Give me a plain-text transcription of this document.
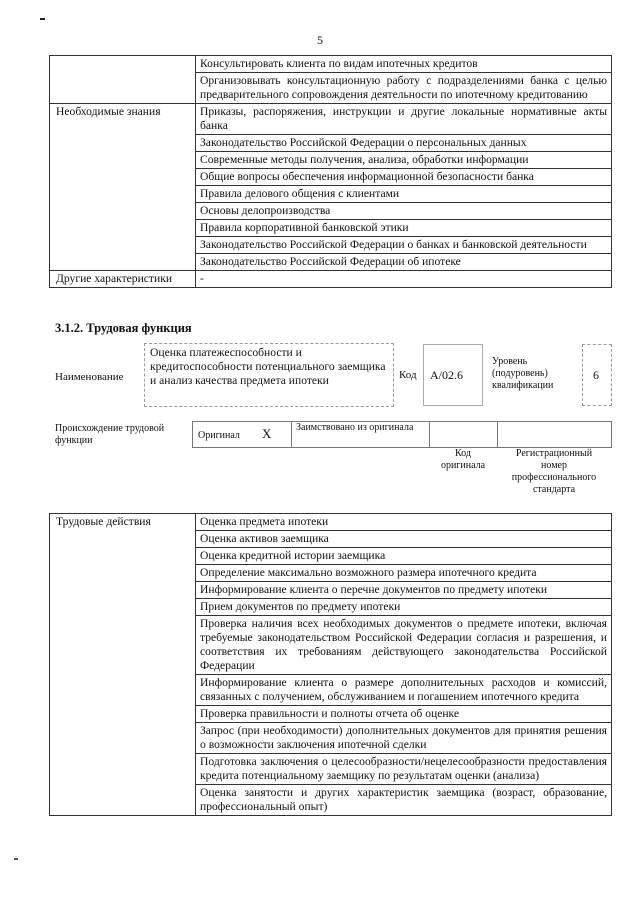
5
	Консультировать клиента по видам ипотечных кредитов
	Организовывать консультационную работу с подразделениями банка с целью предварительного сопровождения деятельности по ипотечному кредитованию
Необходимые знания	Приказы, распоряжения, инструкции и другие локальные нормативные акты банка
	Законодательство Российской Федерации о персональных данных
	Современные методы получения, анализа, обработки информации
	Общие вопросы обеспечения информационной безопасности банка
	Правила делового общения с клиентами
	Основы делопроизводства
	Правила корпоративной банковской этики
	Законодательство Российской Федерации о банках и банковской деятельности
	Законодательство Российской Федерации об ипотеке
Другие характеристики	-
3.1.2. Трудовая функция
Наименование
Оценка платежеспособности и кредитоспособности потенциального заемщика и анализ качества предмета ипотеки	Код A/02.6
Уровень (подуровень) квалификации
6
Происхождение трудовой функции	Оригинал X Заимствовано из оригинала
Код оригинала
Регистрационный номер профессионального стандарта
Трудовые действия	Оценка предмета ипотеки
Оценка активов заемщика
Оценка кредитной истории заемщика
Определение максимально возможного размера ипотечного кредита
Информирование клиента о перечне документов по предмету ипотеки
Прием документов по предмету ипотеки
Проверка наличия всех необходимых документов о предмете ипотеки, включая требуемые законодательством Российской Федерации согласия и разрешения, и соответствия их требованиям действующего законодательства Российской Федерации
Информирование клиента о размере дополнительных расходов и комиссий, связанных с получением, обслуживанием и погашением ипотечного кредита
Проверка правильности и полноты отчета об оценке
Запрос (при необходимости) дополнительных документов для принятия решения о возможности заключения ипотечной сделки
Подготовка заключения о целесообразности/нецелесообразности предоставления кредита потенциальному заемщику по результатам оценки (анализа)
Оценка занятости и других характеристик заемщика (возраст, образование, профессиональный опыт)
